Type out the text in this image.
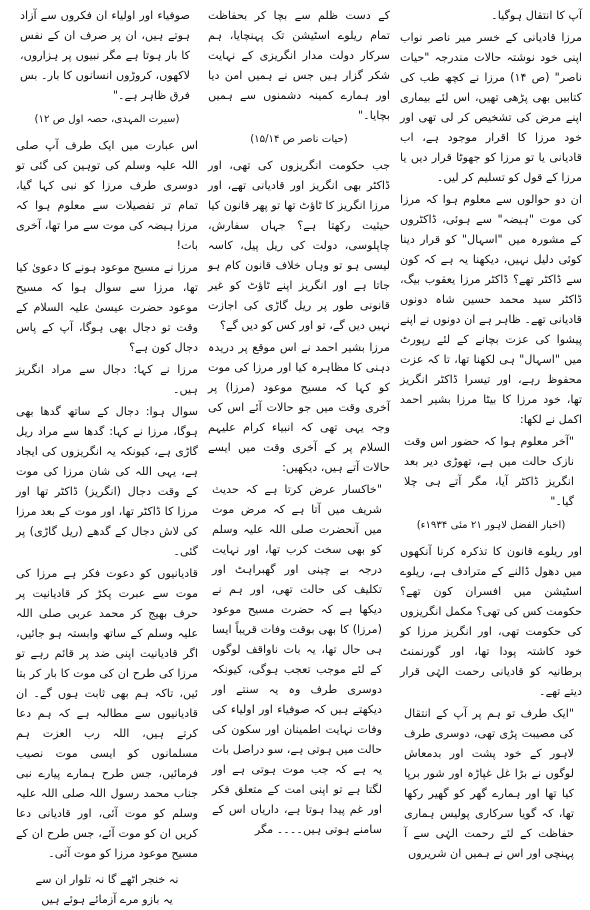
آپ کا انتقال ہوگیا۔

مرزا قادیانی کے خسر میر ناصر نواب اپنی خود نوشتہ حالات مندرجہ "حیات ناصر" (ص ۱۴) مرزا نے کچھ طب کی کتابیں بھی پڑھی تھیں، اس لئے بیماری اپنے مرض کی تشخیص کر لی تھی اور خود مرزا کا اقرار موجود ہے، اب قادیانی یا تو مرزا کو جھوٹا قرار دیں یا مرزا کے قول کو تسلیم کر لیں۔

ان دو حوالوں سے معلوم ہوا کہ مرزا کی موت "ہیضہ" سے ہوئی، ڈاکٹروں کے مشورہ میں "اسہال" کو قرار دینا کوئی دلیل نہیں، دیکھنا یہ ہے کہ کون سے ڈاکٹر تھے؟ ڈاکٹر مرزا یعقوب بیگ، ڈاکٹر سید محمد حسین شاہ دونوں قادیانی تھے۔ ظاہر ہے ان دونوں نے اپنے پیشوا کی عزت بچانے کے لئے رپورٹ میں "اسہال" ہی لکھنا تھا، تا کہ عزت محفوظ رہے، اور تیسرا ڈاکٹر انگریز تھا، خود مرزا کا بیٹا مرزا بشیر احمد اکمل نے لکھا:

"آخر معلوم ہوا کہ حضور اس وقت نازک حالت میں ہے، تھوڑی دیر بعد انگریز ڈاکٹر آیا، مگر آتے ہی چلا گیا۔"

(اخبار الفضل لاہور ۲۱ مئی ۱۹۳۴ء)

اور ریلوے قانون کا تذکرہ کرنا آنکھوں میں دھول ڈالنے کے مترادف ہے، ریلوے اسٹیشن میں افسران کون تھے؟ حکومت کس کی تھی؟ مکمل انگریزوں کی حکومت تھی، اور انگریز مرزا کو خود کاشتہ پودا تھا، اور گورنمنٹ برطانیہ کو قادیانی رحمت الہٰی قرار دیتے تھے۔

"ایک طرف تو ہم پر آپ کے انتقال کی مصیبت پڑی تھی، دوسری طرف لاہور کے خود پشت اور بدمعاش لوگوں نے بڑا غل غپاڑہ اور شور برپا کیا تھا اور ہمارے گھر کو گھیر رکھا تھا، کہ گویا سرکاری پولیس ہماری حفاظت کے لئے رحمت الہٰی سے آ پہنچی اور اس نے ہمیں ان شریروں

کے دست ظلم سے بچا کر بحفاظت تمام ریلوے اسٹیشن تک پہنچایا، ہم سرکار دولت مدار انگریزی کے نہایت شکر گزار ہیں جس نے ہمیں امن دیا اور ہمارے کمینہ دشمنوں سے ہمیں بچایا۔"

(حیات ناصر ص ۱۵/۱۴)

جب حکومت انگریزوں کی تھی، اور ڈاکٹر بھی انگریز اور قادیانی تھے، اور مرزا انگریز کا ٹاؤٹ تھا تو پھر قانون کیا حیثیت رکھتا ہے؟ جہاں سفارش، چاپلوسی، دولت کی ریل پیل، کاسہ لیسی ہو تو وہاں خلاف قانون کام ہو جاتا ہے اور انگریز اپنے ٹاؤٹ کو غیر قانونی طور پر ریل گاڑی کی اجازت نہیں دیں گے، تو اور کس کو دیں گے؟

مرزا بشیر احمد نے اس موقع پر دریدہ دہنی کا مظاہرہ کیا اور مرزا کی موت کو کہا کہ مسیح موعود (مرزا) پر آخری وقت میں جو حالات آئے اس کی وجہ یہی تھی کہ انبیاء کرام علیہم السلام پر کے آخری وقت میں ایسے حالات آتے ہیں، دیکھیں:

"خاکسار عرض کرتا ہے کہ حدیث شریف میں آتا ہے کہ مرض موت میں آنحضرت صلی اللہ علیہ وسلم کو بھی سخت کرب تھا، اور نہایت درجہ بے چینی اور گھبراہٹ اور تکلیف کی حالت تھی، اور ہم نے دیکھا ہے کہ حضرت مسیح موعود (مرزا) کا بھی بوقت وفات قریباً ایسا ہی حال تھا، یہ بات ناواقف لوگوں کے لئے موجب تعجب ہوگی، کیونکہ دوسری طرف وہ یہ سنتے اور دیکھتے ہیں کہ صوفیاء اور اولیاء کی وفات نہایت اطمینان اور سکون کی حالت میں ہوتی ہے، سو دراصل بات یہ ہے کہ جب موت ہوتی ہے اور لگتا ہے تو اپنی امت کے متعلق فکر اور غم پیدا ہوتا ہے، داریاں اس کے سامنے ہوتی ہیں۔۔۔۔ مگر

صوفیاء اور اولیاء ان فکروں سے آزاد ہوتے ہیں، ان پر صرف ان کے نفس کا بار ہوتا ہے مگر نبیوں پر ہزاروں، لاکھوں، کروڑوں انسانوں کا بار۔ بس فرق ظاہر ہے۔"

(سیرت المہدی، حصہ اول ص ۱۲)

اس عبارت میں ایک طرف آپ صلی اللہ علیہ وسلم کی توہین کی گئی تو دوسری طرف مرزا کو نبی کہا گیا، تمام تر تفصیلات سے معلوم ہوا کہ مرزا ہیضہ کی موت سے مرا تھا، آخری بات!

مرزا نے مسیح موعود ہونے کا دعویٰ کیا تھا، مرزا سے سوال ہوا کہ مسیح موعود حضرت عیسیٰ علیہ السلام کے وقت تو دجال بھی ہوگا، آپ کے پاس دجال کون ہے؟

مرزا نے کہا: دجال سے مراد انگریز ہیں۔

سوال ہوا: دجال کے ساتھ گدھا بھی ہوگا، مرزا نے کہا: گدھا سے مراد ریل گاڑی ہے، کیونکہ یہ انگریزوں کی ایجاد ہے، یہی اللہ کی شان مرزا کی موت کے وقت دجال (انگریز) ڈاکٹر تھا اور مرزا کا ڈاکٹر تھا، اور موت کے بعد مرزا کی لاش دجال کے گدھے (ریل گاڑی) پر گئی۔

قادیانیوں کو دعوت فکر ہے مرزا کی موت سے عبرت پکڑ کر قادیانیت پر حرف بھیج کر محمد عربی صلی اللہ علیہ وسلم کے ساتھ وابستہ ہو جائیں، اگر قادیانیت اپنی ضد پر قائم رہے تو مرزا کی طرح ان کی موت کا بار کر بتا ئیں، تاکہ ہم بھی ثابت ہوں گے۔ ان قادیانیوں سے مطالبہ ہے کہ ہم دعا کرتے ہیں، اللہ رب العزت ہم مسلمانوں کو ایسی موت نصیب فرمائیں، جس طرح ہمارے پیارے نبی جناب محمد رسول اللہ صلی اللہ علیہ وسلم کو موت آئی، اور قادیانی دعا کریں ان کو موت آئے، جس طرح ان کے مسیح موعود مرزا کو موت آئی۔

نہ خنجر اٹھے گا نہ تلوار ان سے
یہ بازو مرے آزمائے ہوئے ہیں
